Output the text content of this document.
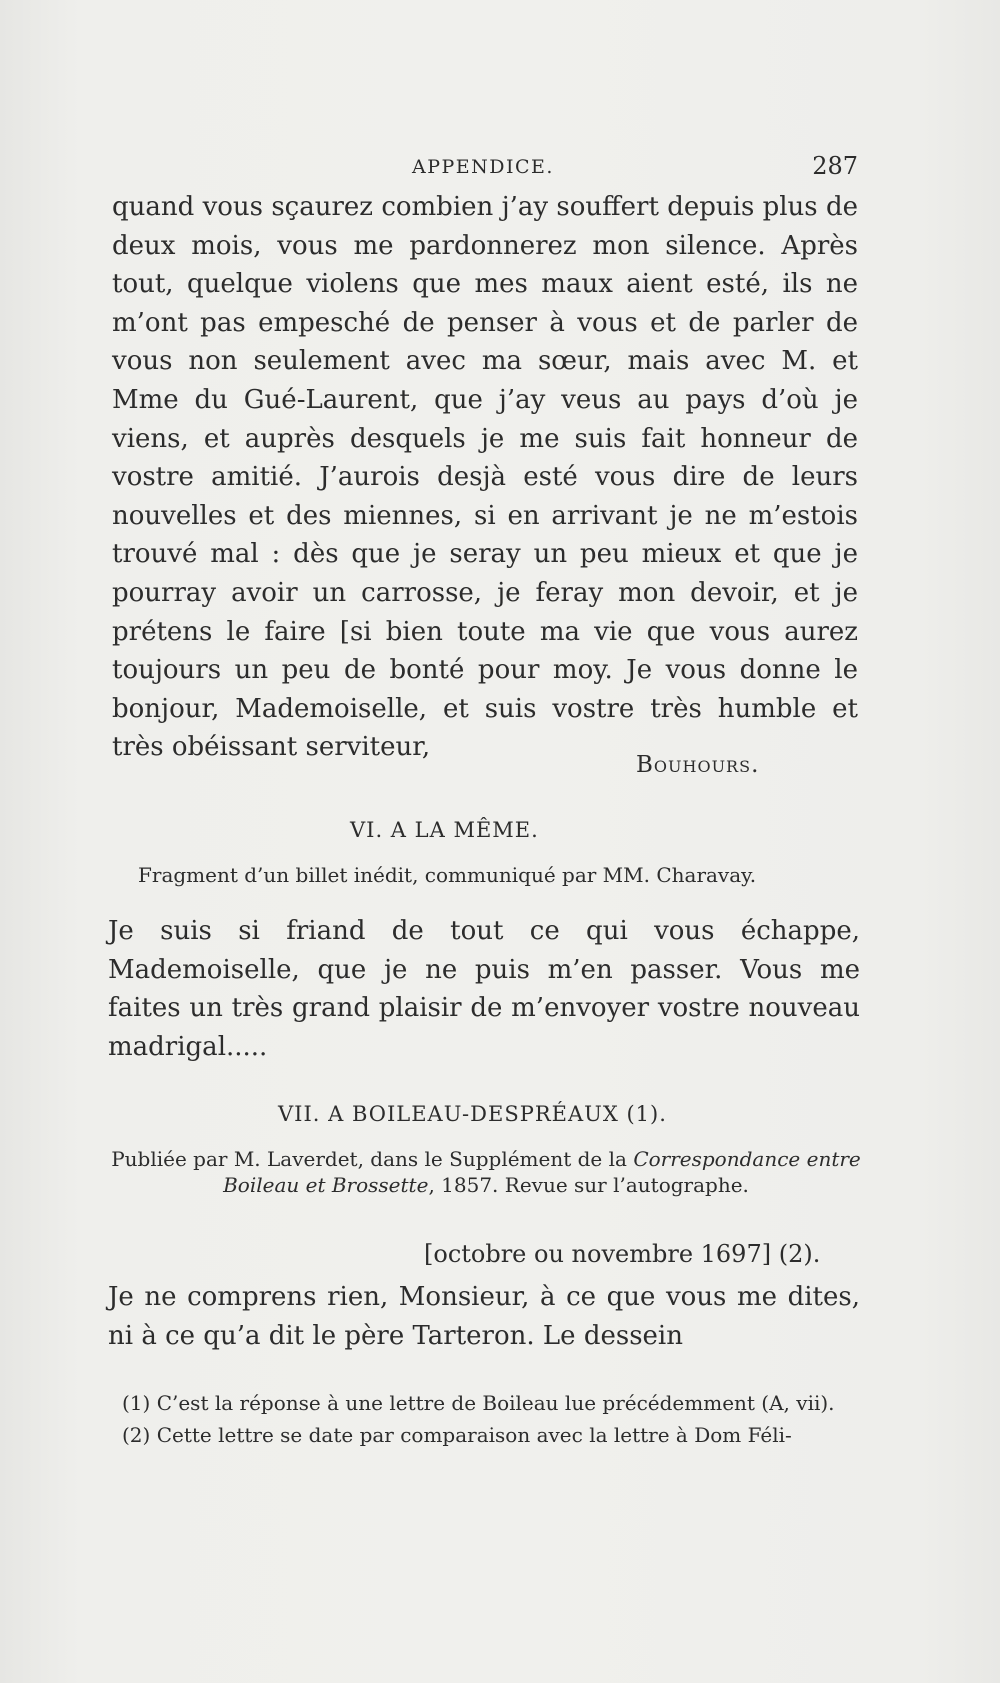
APPENDICE.	287

quand vous sçaurez combien j’ay souffert depuis plus de deux mois, vous me pardonnerez mon silence. Après tout, quelque violens que mes maux aient esté, ils ne m’ont pas empesché de penser à vous et de parler de vous non seulement avec ma sœur, mais avec M. et Mme du Gué-Laurent, que j’ay veus au pays d’où je viens, et auprès desquels je me suis fait honneur de vostre amitié. J’aurois desjà esté vous dire de leurs nouvelles et des miennes, si en arrivant je ne m’estois trouvé mal : dès que je seray un peu mieux et que je pourray avoir un carrosse, je feray mon devoir, et je prétens le faire [si bien toute ma vie que vous aurez toujours un peu de bonté pour moy. Je vous donne le bonjour, Mademoiselle, et suis vostre très humble et très obéissant serviteur,

Bouhours.
VI. A LA MÊME.
Fragment d’un billet inédit, communiqué par MM. Charavay.

Je suis si friand de tout ce qui vous échappe, Mademoiselle, que je ne puis m’en passer. Vous me faites un très grand plaisir de m’envoyer vostre nouveau madrigal.....

VII. A BOILEAU-DESPRÉAUX (1).
Publiée par M. Laverdet, dans le Supplément de la Correspondance entre Boileau et Brossette, 1857. Revue sur l’autographe.
[octobre ou novembre 1697] (2).

Je ne comprens rien, Monsieur, à ce que vous me dites, ni à ce qu’a dit le père Tarteron. Le dessein

(1) C’est la réponse à une lettre de Boileau lue précédemment (A, vii).

(2) Cette lettre se date par comparaison avec la lettre à Dom Féli-
